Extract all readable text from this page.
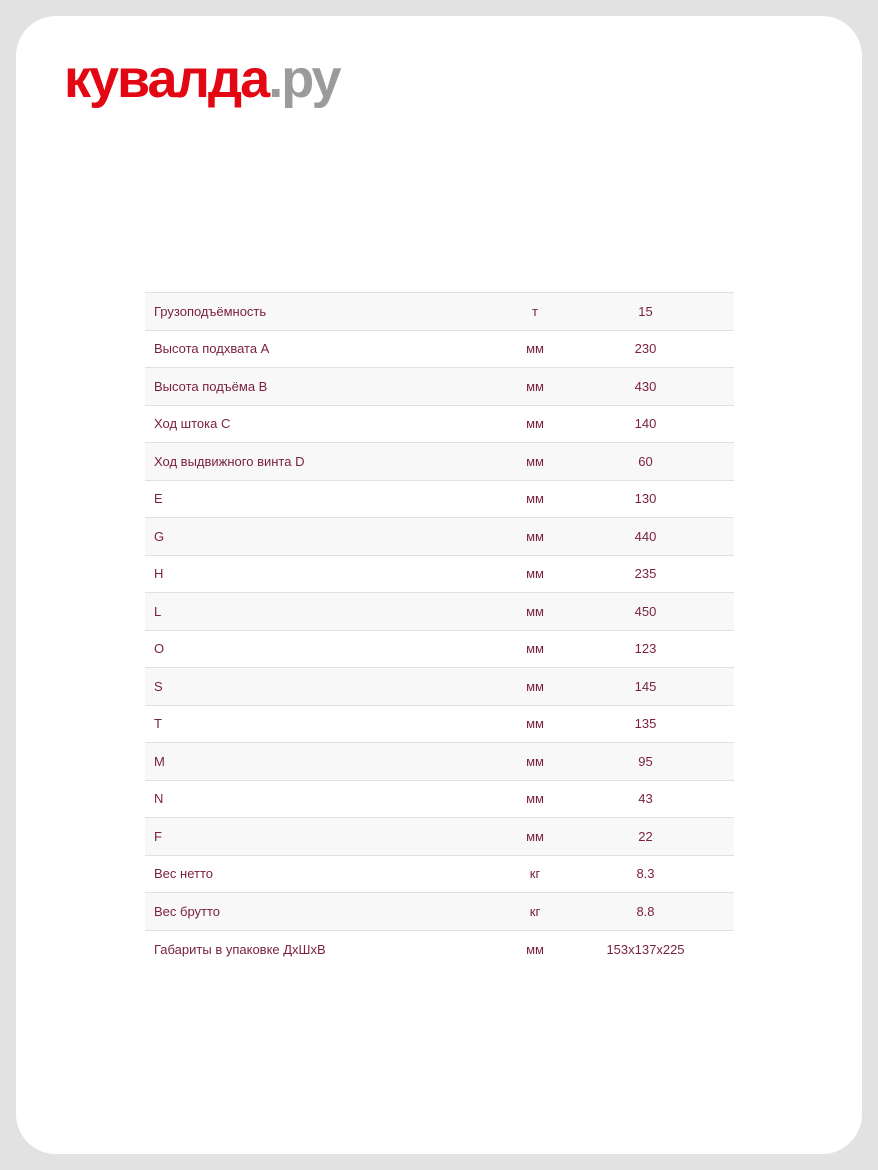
кувалда.ру
Грузоподъёмность	т	15
Высота подхвата A	мм	230
Высота подъёма B	мм	430
Ход штока C	мм	140
Ход выдвижного винта D	мм	60
E	мм	130
G	мм	440
H	мм	235
L	мм	450
O	мм	123
S	мм	145
T	мм	135
M	мм	95
N	мм	43
F	мм	22
Вес нетто	кг	8.3
Вес брутто	кг	8.8
Габариты в упаковке ДхШхВ	мм	153x137x225
